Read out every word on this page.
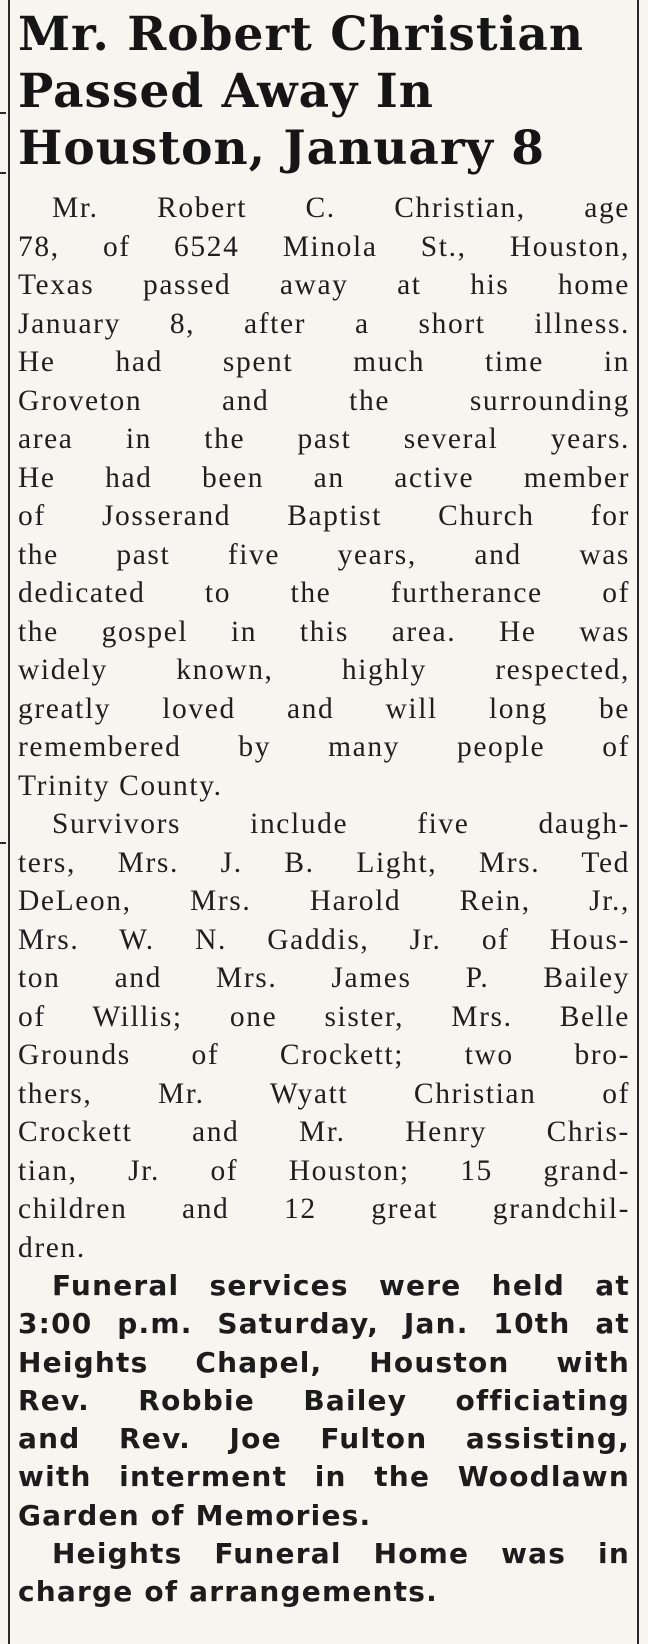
Mr. Robert Christian
Passed Away In
Houston, January 8

Mr. Robert C. Christian, age
78, of 6524 Minola St., Houston,
Texas passed away at his home
January 8, after a short illness.
He had spent much time in
Groveton and the surrounding
area in the past several years.
He had been an active member
of Josserand Baptist Church for
the past five years, and was
dedicated to the furtherance of
the gospel in this area. He was
widely known, highly respected,
greatly loved and will long be
remembered by many people of
Trinity County.

Survivors include five daugh-
ters, Mrs. J. B. Light, Mrs. Ted
DeLeon, Mrs. Harold Rein, Jr.,
Mrs. W. N. Gaddis, Jr. of Hous-
ton and Mrs. James P. Bailey
of Willis; one sister, Mrs. Belle
Grounds of Crockett; two bro-
thers, Mr. Wyatt Christian of
Crockett and Mr. Henry Chris-
tian, Jr. of Houston; 15 grand-
children and 12 great grandchil-
dren.

Funeral services were held at
3:00 p.m. Saturday, Jan. 10th at
Heights Chapel, Houston with
Rev. Robbie Bailey officiating
and Rev. Joe Fulton assisting,
with interment in the Woodlawn
Garden of Memories.

Heights Funeral Home was in
charge of arrangements.
